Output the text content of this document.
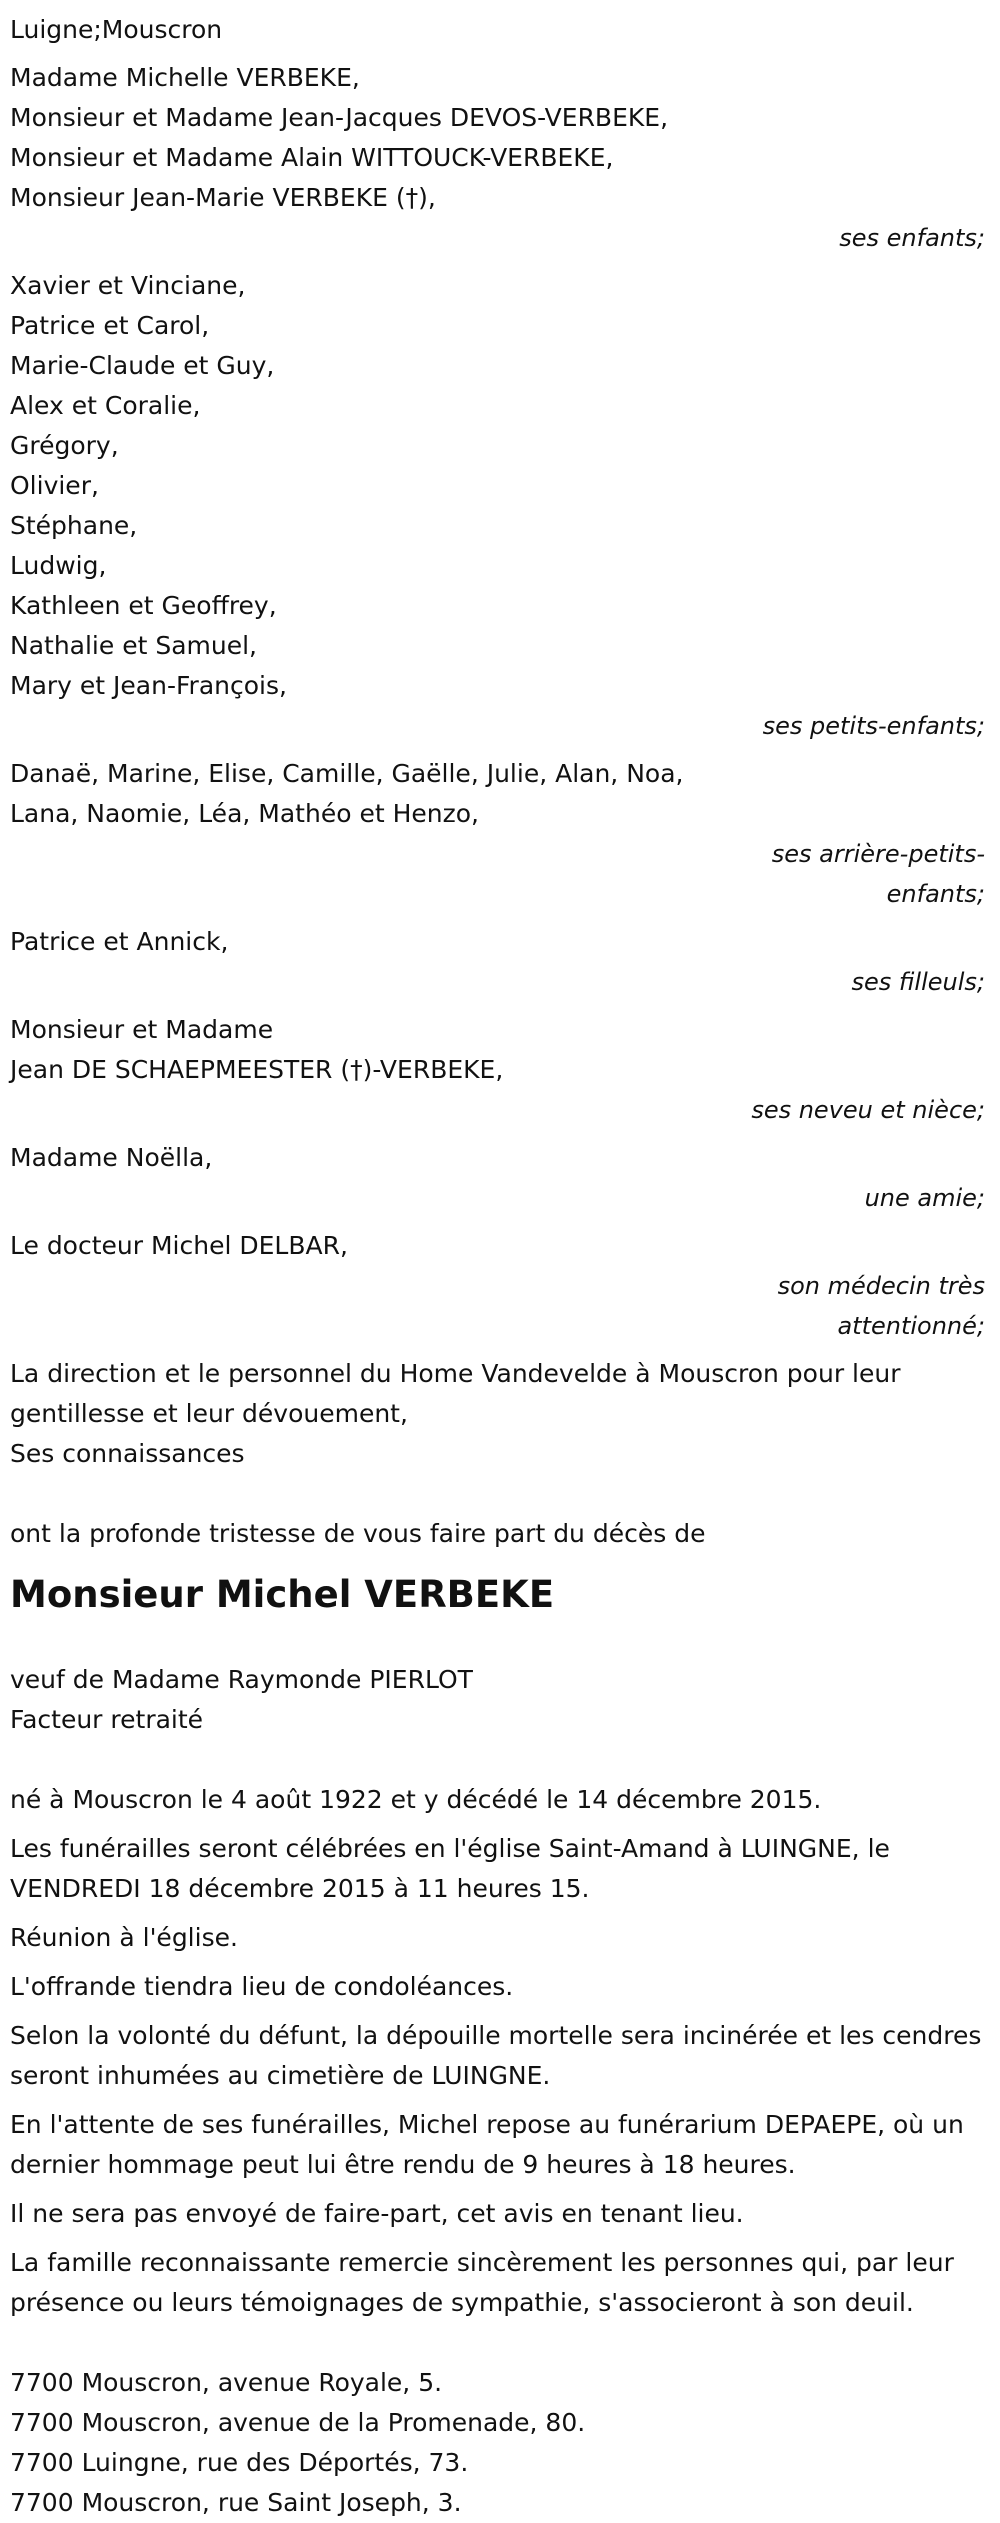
Luigne;Mouscron
Madame Michelle VERBEKE,
Monsieur et Madame Jean-Jacques DEVOS-VERBEKE,
Monsieur et Madame Alain WITTOUCK-VERBEKE,
Monsieur Jean-Marie VERBEKE (†),
ses enfants;
Xavier et Vinciane,
Patrice et Carol,
Marie-Claude et Guy,
Alex et Coralie,
Grégory,
Olivier,
Stéphane,
Ludwig,
Kathleen et Geoffrey,
Nathalie et Samuel,
Mary et Jean-François,
ses petits-enfants;
Danaë, Marine, Elise, Camille, Gaëlle, Julie, Alan, Noa,
Lana, Naomie, Léa, Mathéo et Henzo,
ses arrière-petits-enfants;
Patrice et Annick,
ses filleuls;
Monsieur et Madame
Jean DE SCHAEPMEESTER (†)-VERBEKE,
ses neveu et nièce;
Madame Noëlla,
une amie;
Le docteur Michel DELBAR,
son médecin très attentionné;
La direction et le personnel du Home Vandevelde à Mouscron pour leur gentillesse et leur dévouement,
Ses connaissances
ont la profonde tristesse de vous faire part du décès de
Monsieur Michel VERBEKE
veuf de Madame Raymonde PIERLOT
Facteur retraité
né à Mouscron le 4 août 1922 et y décédé le 14 décembre 2015.
Les funérailles seront célébrées en l'église Saint-Amand à LUINGNE, le VENDREDI 18 décembre 2015 à 11 heures 15.
Réunion à l'église.
L'offrande tiendra lieu de condoléances.
Selon la volonté du défunt, la dépouille mortelle sera incinérée et les cendres seront inhumées au cimetière de LUINGNE.
En l'attente de ses funérailles, Michel repose au funérarium DEPAEPE, où un dernier hommage peut lui être rendu de 9 heures à 18 heures.
Il ne sera pas envoyé de faire-part, cet avis en tenant lieu.
La famille reconnaissante remercie sincèrement les personnes qui, par leur présence ou leurs témoignages de sympathie, s'associeront à son deuil.
7700 Mouscron, avenue Royale, 5.
7700 Mouscron, avenue de la Promenade, 80.
7700 Luingne, rue des Déportés, 73.
7700 Mouscron, rue Saint Joseph, 3.
